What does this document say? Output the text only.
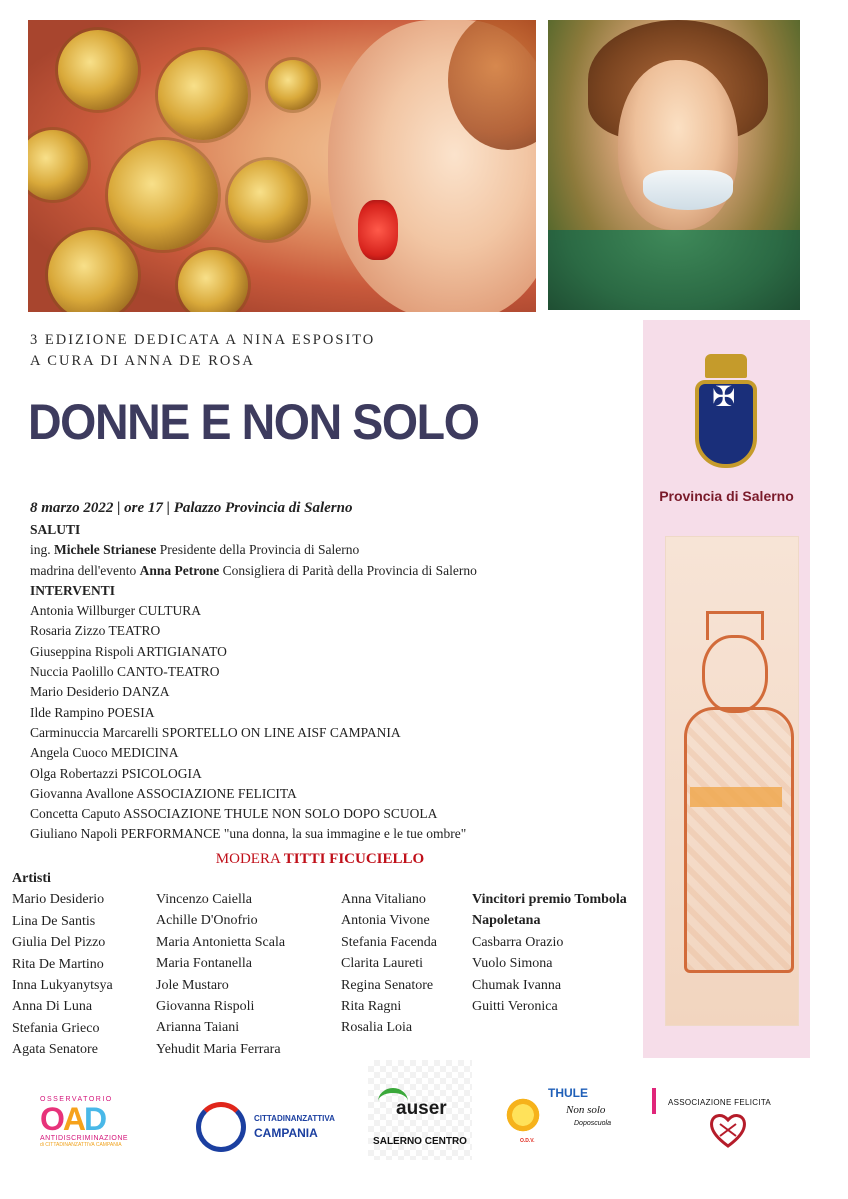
3 EDIZIONE DEDICATA A NINA ESPOSITO
A CURA DI ANNA DE ROSA
DONNE E NON SOLO
8 marzo 2022 | ore 17 | Palazzo Provincia di Salerno
SALUTI
ing. Michele Strianese Presidente della Provincia di Salerno
madrina dell'evento Anna Petrone Consigliera di Parità della Provincia di Salerno
INTERVENTI
Antonia Willburger CULTURA
Rosaria Zizzo TEATRO
Giuseppina Rispoli ARTIGIANATO
Nuccia Paolillo CANTO-TEATRO
Mario Desiderio DANZA
Ilde Rampino POESIA
Carminuccia Marcarelli SPORTELLO ON LINE AISF CAMPANIA
Angela Cuoco MEDICINA
Olga Robertazzi PSICOLOGIA
Giovanna Avallone ASSOCIAZIONE FELICITA
Concetta Caputo ASSOCIAZIONE THULE NON SOLO DOPO SCUOLA
Giuliano Napoli PERFORMANCE "una donna, la sua immagine e le tue ombre"
MODERA TITTI FICUCIELLO
Artisti
Mario Desiderio
Lina De Santis
Giulia Del Pizzo
Rita De Martino
Inna Lukyanytsya
Anna Di Luna
Stefania Grieco
Agata Senatore
Vincenzo Caiella
Achille D'Onofrio
Maria Antonietta Scala
Maria Fontanella
Jole Mustaro
Giovanna Rispoli
Arianna Taiani
Yehudit Maria Ferrara
Anna Vitaliano
Antonia Vivone
Stefania Facenda
Clarita Laureti
Regina Senatore
Rita Ragni
Rosalia Loia
Vincitori premio Tombola
Napoletana
Casbarra Orazio
Vuolo Simona
Chumak Ivanna
Guitti Veronica
✠
Provincia di Salerno
OSSERVATORIO
OAD
ANTIDISCRIMINAZIONE
di CITTADINANZATTIVA CAMPANIA
CITTADINANZATTIVA
CAMPANIA
auser
SALERNO CENTRO
THULE
Non solo
Doposcuola
O.D.V.
ASSOCIAZIONE FELICITA
